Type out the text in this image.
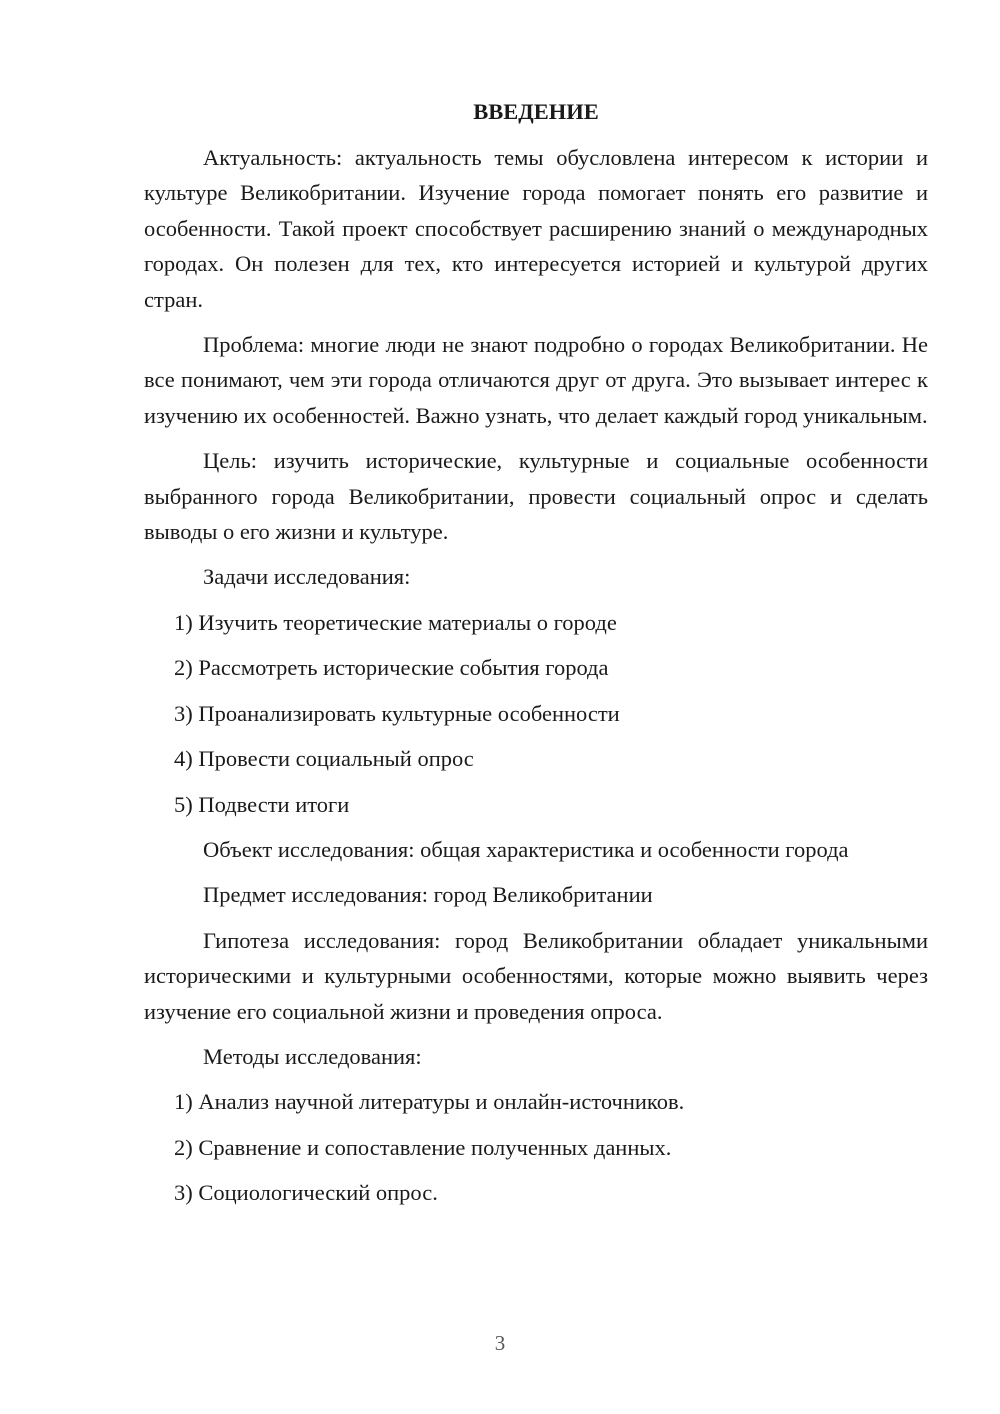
ВВЕДЕНИЕ

Актуальность: актуальность темы обусловлена интересом к истории и культуре Великобритании. Изучение города помогает понять его развитие и особенности. Такой проект способствует расширению знаний о международных городах. Он полезен для тех, кто интересуется историей и культурой других стран.

Проблема: многие люди не знают подробно о городах Великобритании. Не все понимают, чем эти города отличаются друг от друга. Это вызывает интерес к изучению их особенностей. Важно узнать, что делает каждый город уникальным.

Цель: изучить исторические, культурные и социальные особенности выбранного города Великобритании, провести социальный опрос и сделать выводы о его жизни и культуре.

Задачи исследования:
1) Изучить теоретические материалы о городе
2) Рассмотреть исторические события города
3) Проанализировать культурные особенности
4) Провести социальный опрос
5) Подвести итоги
Объект исследования: общая характеристика и особенности города
Предмет исследования: город Великобритании

Гипотеза исследования: город Великобритании обладает уникальными историческими и культурными особенностями, которые можно выявить через изучение его социальной жизни и проведения опроса.

Методы исследования:
1) Анализ научной литературы и онлайн-источников.
2) Сравнение и сопоставление полученных данных.
3) Социологический опрос.
3
